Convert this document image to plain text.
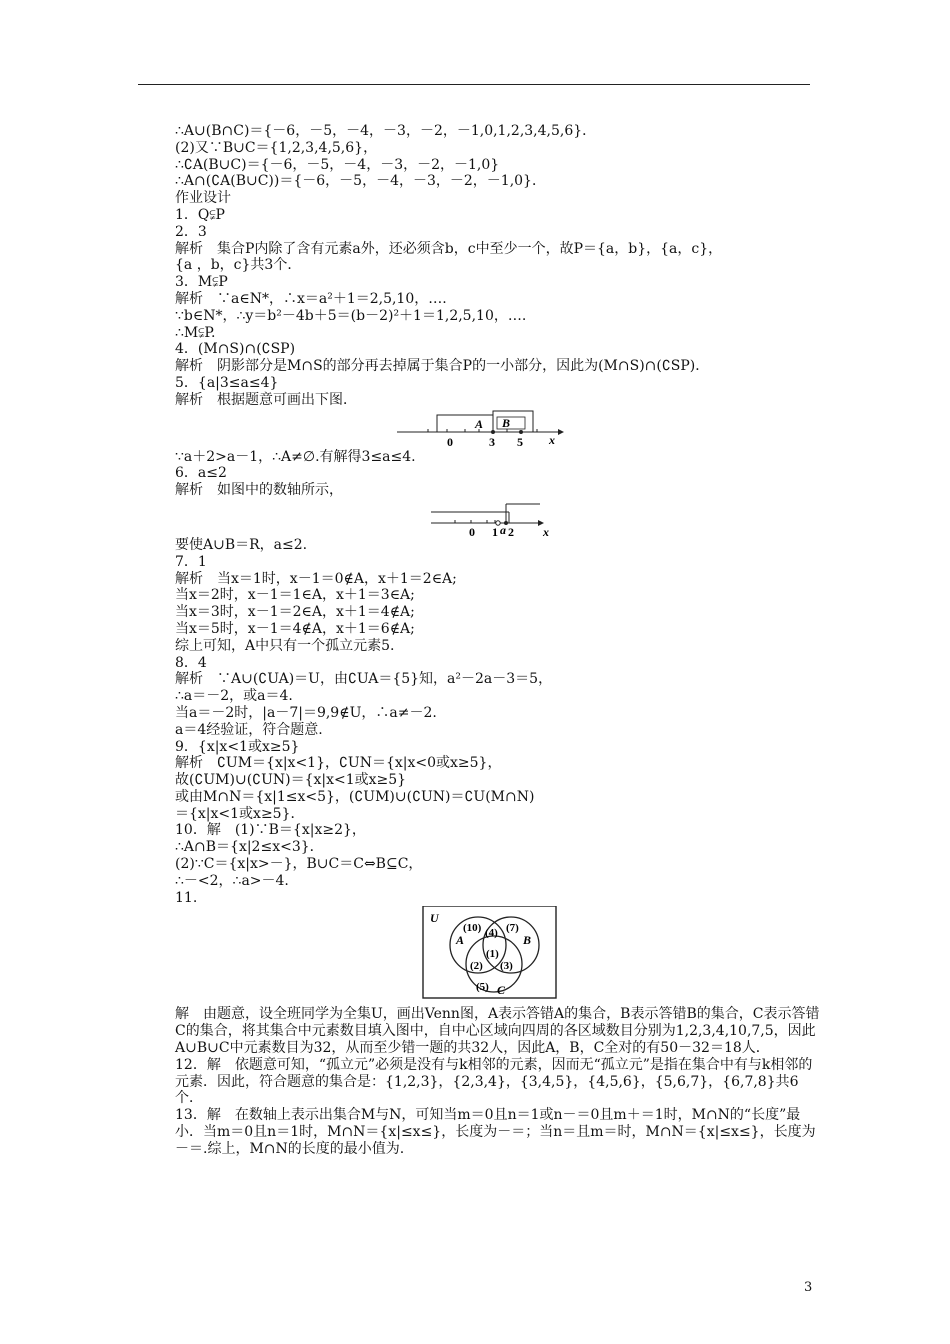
∴A∪(B∩C)＝{－6，－5，－4，－3，－2，－1,0,1,2,3,4,5,6}．
(2)又∵B∪C＝{1,2,3,4,5,6}，
∴∁A(B∪C)＝{－6，－5，－4，－3，－2，－1,0}
∴A∩(∁A(B∪C))＝{－6，－5，－4，－3，－2，－1,0}．
作业设计
1．Q⫋P
2．3
解析　集合P内除了含有元素a外，还必须含b，c中至少一个，故P＝{a，b}，{a，c}，
{a ，b，c}共3个．
3．M⫋P
解析　∵a∈N*，∴x＝a²＋1＝2,5,10，….
∵b∈N*，∴y＝b²－4b＋5＝(b－2)²＋1＝1,2,5,10，….
∴M⫋P.
4．(M∩S)∩(∁SP)
解析　阴影部分是M∩S的部分再去掉属于集合P的一小部分，因此为(M∩S)∩(∁SP)．
5．{a|3≤a≤4}
解析　根据题意可画出下图．
A B
0	3 5 x
∵a＋2>a－1，∴A≠∅.有解得3≤a≤4.
6．a≤2
解析　如图中的数轴所示，
0 1 a 2 x
要使A∪B＝R，a≤2.
7．1
解析　当x＝1时，x－1＝0∉A，x＋1＝2∈A;
当x＝2时，x－1＝1∈A，x＋1＝3∈A;
当x＝3时，x－1＝2∈A，x＋1＝4∉A;
当x＝5时，x－1＝4∉A，x＋1＝6∉A;
综上可知，A中只有一个孤立元素5.
8．4
解析　∵A∪(∁UA)＝U，由∁UA＝{5}知，a²－2a－3＝5，
∴a＝－2，或a＝4.
当a＝－2时，|a－7|＝9,9∉U，∴a≠－2.
a＝4经验证，符合题意.
9．{x|x<1或x≥5}
解析　∁UM＝{x|x<1}，∁UN＝{x|x<0或x≥5}，
故(∁UM)∪(∁UN)＝{x|x<1或x≥5}
或由M∩N＝{x|1≤x<5}，(∁UM)∪(∁UN)＝∁U(M∩N)
＝{x|x<1或x≥5}．
10．解　(1)∵B＝{x|x≥2}，
∴A∩B＝{x|2≤x<3}．
(2)∵C＝{x|x>－}，B∪C＝C⇔B⊆C，
∴－<2，∴a>－4.
11.
U
A	B
C
(10) (4) (7)
(1)
(2) (3)
(5)
解　由题意，设全班同学为全集U，画出Venn图，A表示答错A的集合，B表示答错B的集合，C表示答错C的集合，将其集合中元素数目填入图中，自中心区域向四周的各区域数目分别为1,2,3,4,10,7,5，因此A∪B∪C中元素数目为32，从而至少错一题的共32人，因此A，B，C全对的有50－32＝18人．
12．解　依题意可知，“孤立元”必须是没有与k相邻的元素，因而无“孤立元”是指在集合中有与k相邻的元素．因此，符合题意的集合是：{1,2,3}，{2,3,4}，{3,4,5}，{4,5,6}，{5,6,7}，{6,7,8}共6个．
13．解　在数轴上表示出集合M与N，可知当m＝0且n＝1或n－＝0且m＋＝1时，M∩N的“长度”最小．当m＝0且n＝1时，M∩N＝{x|≤x≤}，长度为－＝；当n＝且m＝时，M∩N＝{x|≤x≤}，长度为－＝.综上，M∩N的长度的最小值为.
3
